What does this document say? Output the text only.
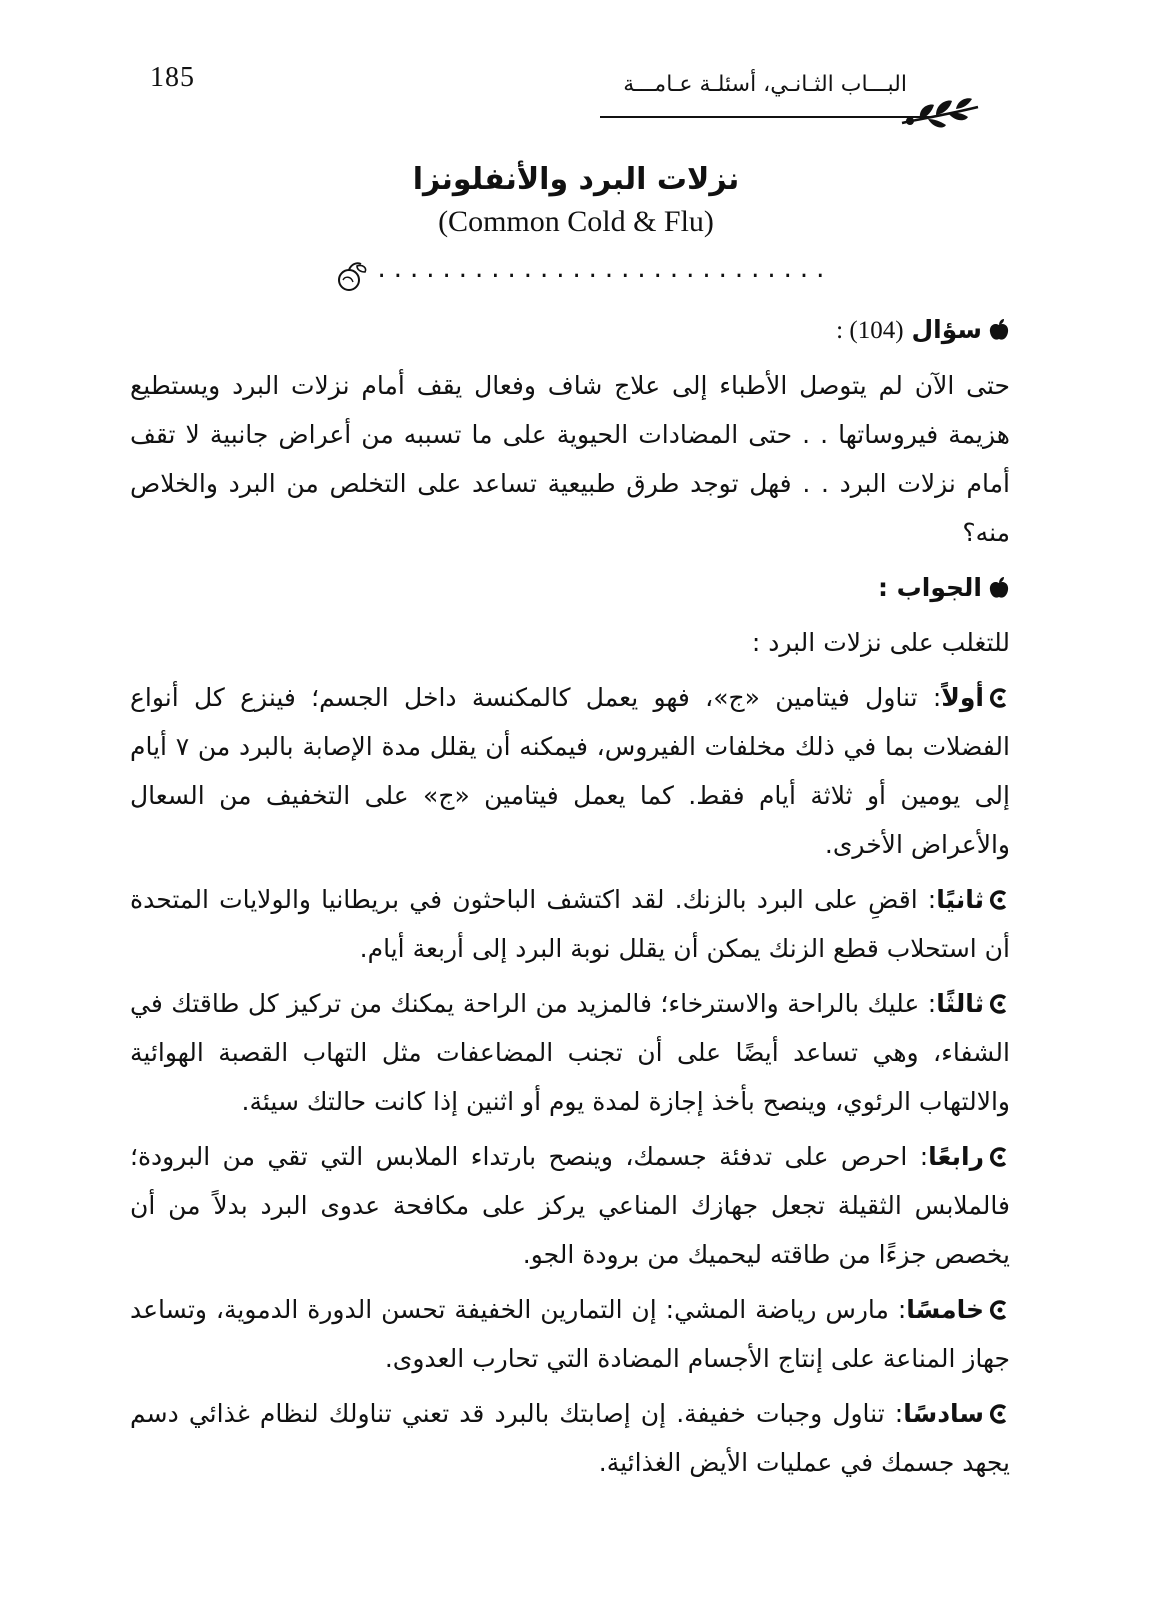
185	البـــاب الثـانـي، أسئلـة عـامـــة
نزلات البرد والأنفلونزا
(Common Cold & Flu)
............................

سؤال (104) :

حتى الآن لم يتوصل الأطباء إلى علاج شاف وفعال يقف أمام نزلات البرد ويستطيع هزيمة فيروساتها . . حتى المضادات الحيوية على ما تسببه من أعراض جانبية لا تقف أمام نزلات البرد . . فهل توجد طرق طبيعية تساعد على التخلص من البرد والخلاص منه؟

الجواب :

للتغلب على نزلات البرد :

أولاً: تناول فيتامين «ج»، فهو يعمل كالمكنسة داخل الجسم؛ فينزع كل أنواع الفضلات بما في ذلك مخلفات الفيروس، فيمكنه أن يقلل مدة الإصابة بالبرد من ٧ أيام إلى يومين أو ثلاثة أيام فقط. كما يعمل فيتامين «ج» على التخفيف من السعال والأعراض الأخرى.

ثانيًا: اقضِ على البرد بالزنك. لقد اكتشف الباحثون في بريطانيا والولايات المتحدة أن استحلاب قطع الزنك يمكن أن يقلل نوبة البرد إلى أربعة أيام.

ثالثًا: عليك بالراحة والاسترخاء؛ فالمزيد من الراحة يمكنك من تركيز كل طاقتك في الشفاء، وهي تساعد أيضًا على أن تجنب المضاعفات مثل التهاب القصبة الهوائية والالتهاب الرئوي، وينصح بأخذ إجازة لمدة يوم أو اثنين إذا كانت حالتك سيئة.

رابعًا: احرص على تدفئة جسمك، وينصح بارتداء الملابس التي تقي من البرودة؛ فالملابس الثقيلة تجعل جهازك المناعي يركز على مكافحة عدوى البرد بدلاً من أن يخصص جزءًا من طاقته ليحميك من برودة الجو.

خامسًا: مارس رياضة المشي: إن التمارين الخفيفة تحسن الدورة الدموية، وتساعد جهاز المناعة على إنتاج الأجسام المضادة التي تحارب العدوى.

سادسًا: تناول وجبات خفيفة. إن إصابتك بالبرد قد تعني تناولك لنظام غذائي دسم يجهد جسمك في عمليات الأيض الغذائية.
